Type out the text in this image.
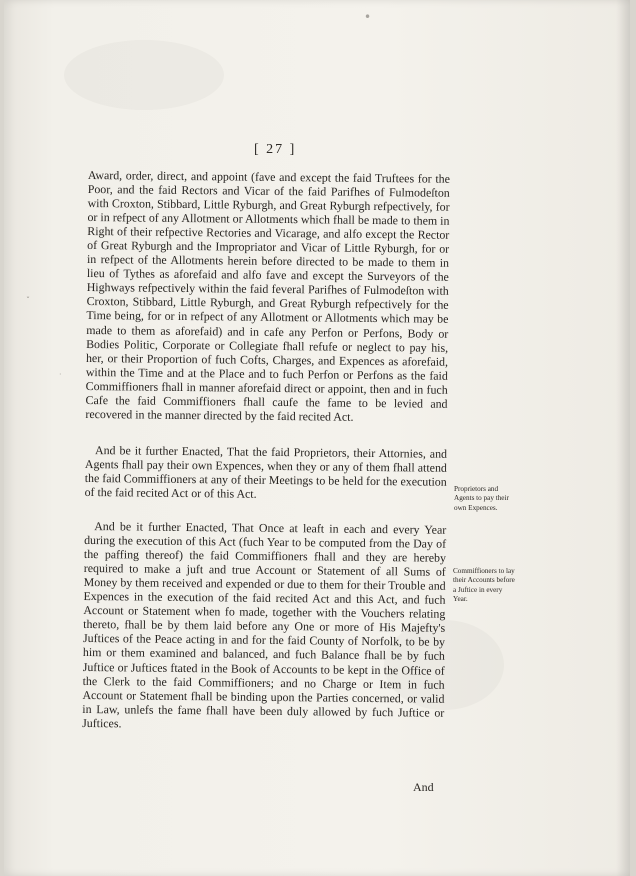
•
ˇ
·
[ 27 ]

Award, order, direct, and appoint (fave and except the faid Truftees for the Poor, and the faid Rectors and Vicar of the faid Parifhes of Fulmodeſton with Croxton, Stibbard, Little Ryburgh, and Great Ryburgh refpectively, for or in refpect of any Allotment or Allotments which fhall be made to them in Right of their refpective Rectories and Vicarage, and alfo except the Rector of Great Ryburgh and the Impropriator and Vicar of Little Ryburgh, for or in refpect of the Allotments herein before directed to be made to them in lieu of Tythes as aforefaid and alfo fave and except the Surveyors of the Highways refpectively within the faid feveral Parifhes of Fulmodeſton with Croxton, Stibbard, Little Ryburgh, and Great Ryburgh refpectively for the Time being, for or in refpect of any Allotment or Allotments which may be made to them as aforefaid) and in cafe any Perfon or Perfons, Body or Bodies Politic, Corporate or Collegiate fhall refufe or neglect to pay his, her, or their Proportion of fuch Cofts, Charges, and Expences as aforefaid, within the Time and at the Place and to fuch Perfon or Perfons as the faid Commiffioners fhall in manner aforefaid direct or appoint, then and in fuch Cafe the faid Commiffioners fhall caufe the fame to be levied and recovered in the manner directed by the faid recited Act.

And be it further Enacted, That the faid Proprietors, their Attornies, and Agents fhall pay their own Expences, when they or any of them fhall attend the faid Commiffioners at any of their Meetings to be held for the execution of the faid recited Act or of this Act.

And be it further Enacted, That Once at leaft in each and every Year during the execution of this Act (fuch Year to be computed from the Day of the paffing thereof) the faid Commiffioners fhall and they are hereby required to make a juft and true Account or Statement of all Sums of Money by them received and expended or due to them for their Trouble and Expences in the execution of the faid recited Act and this Act, and fuch Account or Statement when fo made, together with the Vouchers relating thereto, fhall be by them laid before any One or more of His Majefty's Juftices of the Peace acting in and for the faid County of Norfolk, to be by him or them examined and balanced, and fuch Balance fhall be by fuch Juftice or Juftices ftated in the Book of Accounts to be kept in the Office of the Clerk to the faid Commiffioners; and no Charge or Item in fuch Account or Statement fhall be binding upon the Parties concerned, or valid in Law, unlefs the fame fhall have been duly allowed by fuch Juftice or Juftices.

Proprietors and Agents to pay their own Expences.
Commiffioners to lay their Accounts before a Juftice in every Year.
And
